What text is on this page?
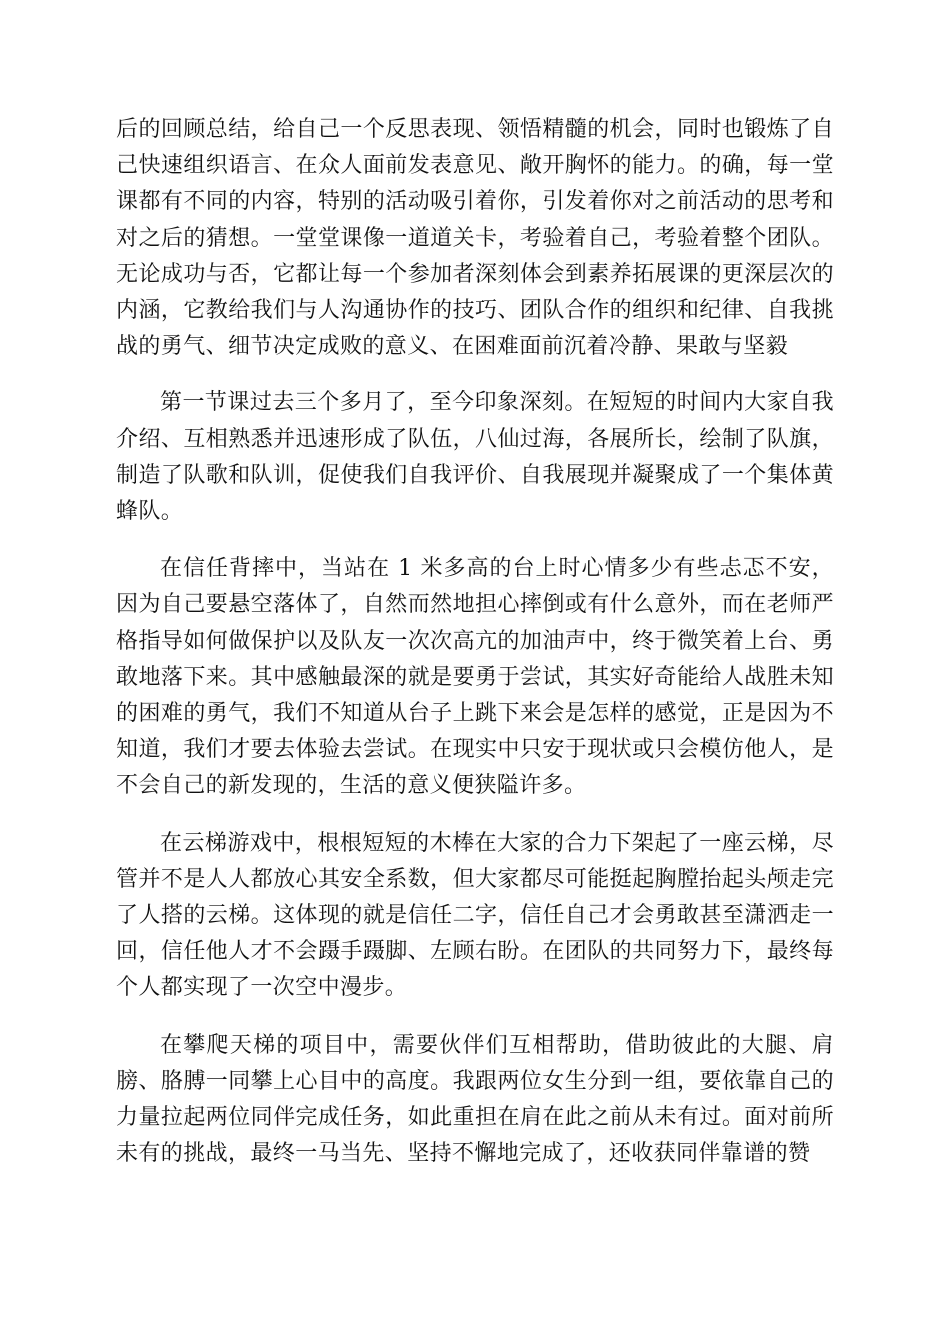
后的回顾总结，给自己一个反思表现、领悟精髓的机会，同时也锻炼了自己快速组织语言、在众人面前发表意见、敞开胸怀的能力。的确，每一堂课都有不同的内容，特别的活动吸引着你，引发着你对之前活动的思考和对之后的猜想。一堂堂课像一道道关卡，考验着自己，考验着整个团队。无论成功与否，它都让每一个参加者深刻体会到素养拓展课的更深层次的内涵，它教给我们与人沟通协作的技巧、团队合作的组织和纪律、自我挑战的勇气、细节决定成败的意义、在困难面前沉着冷静、果敢与坚毅

第一节课过去三个多月了，至今印象深刻。在短短的时间内大家自我介绍、互相熟悉并迅速形成了队伍，八仙过海，各展所长，绘制了队旗，制造了队歌和队训，促使我们自我评价、自我展现并凝聚成了一个集体黄蜂队。

在信任背摔中，当站在 1 米多高的台上时心情多少有些忐忑不安，因为自己要悬空落体了，自然而然地担心摔倒或有什么意外，而在老师严格指导如何做保护以及队友一次次高亢的加油声中，终于微笑着上台、勇敢地落下来。其中感触最深的就是要勇于尝试，其实好奇能给人战胜未知的困难的勇气，我们不知道从台子上跳下来会是怎样的感觉，正是因为不知道，我们才要去体验去尝试。在现实中只安于现状或只会模仿他人，是不会自己的新发现的，生活的意义便狭隘许多。

在云梯游戏中，根根短短的木棒在大家的合力下架起了一座云梯，尽管并不是人人都放心其安全系数，但大家都尽可能挺起胸膛抬起头颅走完了人搭的云梯。这体现的就是信任二字，信任自己才会勇敢甚至潇洒走一回，信任他人才不会蹑手蹑脚、左顾右盼。在团队的共同努力下，最终每个人都实现了一次空中漫步。

在攀爬天梯的项目中，需要伙伴们互相帮助，借助彼此的大腿、肩膀、胳膊一同攀上心目中的高度。我跟两位女生分到一组，要依靠自己的力量拉起两位同伴完成任务，如此重担在肩在此之前从未有过。面对前所未有的挑战，最终一马当先、坚持不懈地完成了，还收获同伴靠谱的赞
